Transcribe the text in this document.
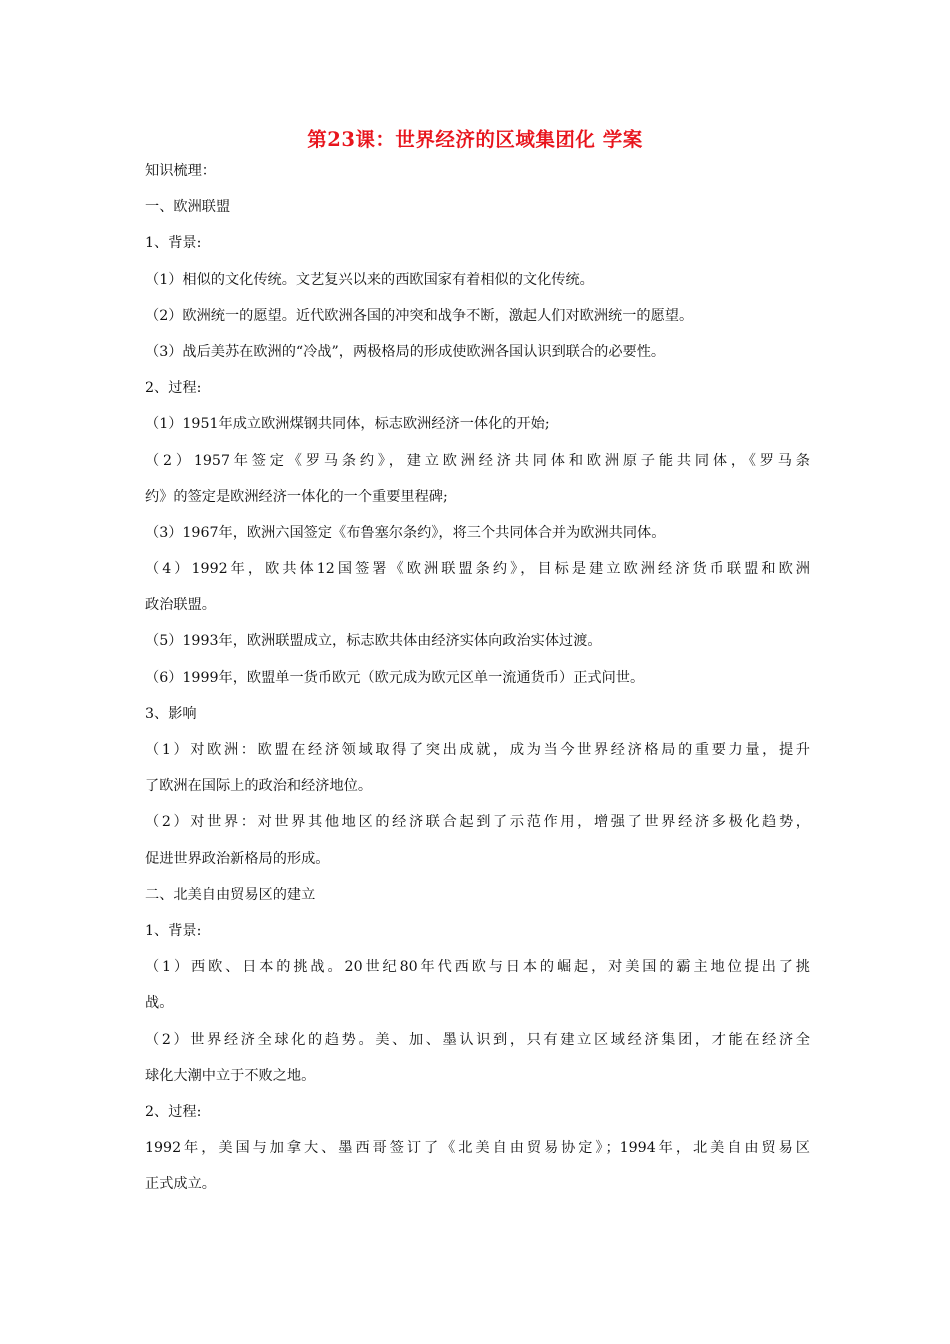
第23课：世界经济的区域集团化 学案
知识梳理：
一、欧洲联盟
1、背景:
（1）相似的文化传统。文艺复兴以来的西欧国家有着相似的文化传统。
（2）欧洲统一的愿望。近代欧洲各国的冲突和战争不断，激起人们对欧洲统一的愿望。
（3）战后美苏在欧洲的“冷战”，两极格局的形成使欧洲各国认识到联合的必要性。
2、过程:
（1）1951年成立欧洲煤钢共同体，标志欧洲经济一体化的开始;
（2）1957年签定《罗马条约》，建立欧洲经济共同体和欧洲原子能共同体，《罗马条
约》的签定是欧洲经济一体化的一个重要里程碑;
（3）1967年，欧洲六国签定《布鲁塞尔条约》，将三个共同体合并为欧洲共同体。
（4）1992年，欧共体12国签署《欧洲联盟条约》，目标是建立欧洲经济货币联盟和欧洲
政治联盟。
（5）1993年，欧洲联盟成立，标志欧共体由经济实体向政治实体过渡。
（6）1999年，欧盟单一货币欧元（欧元成为欧元区单一流通货币）正式问世。
3、影响
（1）对欧洲：欧盟在经济领域取得了突出成就，成为当今世界经济格局的重要力量，提升
了欧洲在国际上的政治和经济地位。
（2）对世界：对世界其他地区的经济联合起到了示范作用，增强了世界经济多极化趋势，
促进世界政治新格局的形成。
二、北美自由贸易区的建立
1、背景:
（1）西欧、日本的挑战。20世纪80年代西欧与日本的崛起，对美国的霸主地位提出了挑
战。
（2）世界经济全球化的趋势。美、加、墨认识到，只有建立区域经济集团，才能在经济全
球化大潮中立于不败之地。
2、过程:
1992年，美国与加拿大、墨西哥签订了《北美自由贸易协定》；1994年，北美自由贸易区
正式成立。
